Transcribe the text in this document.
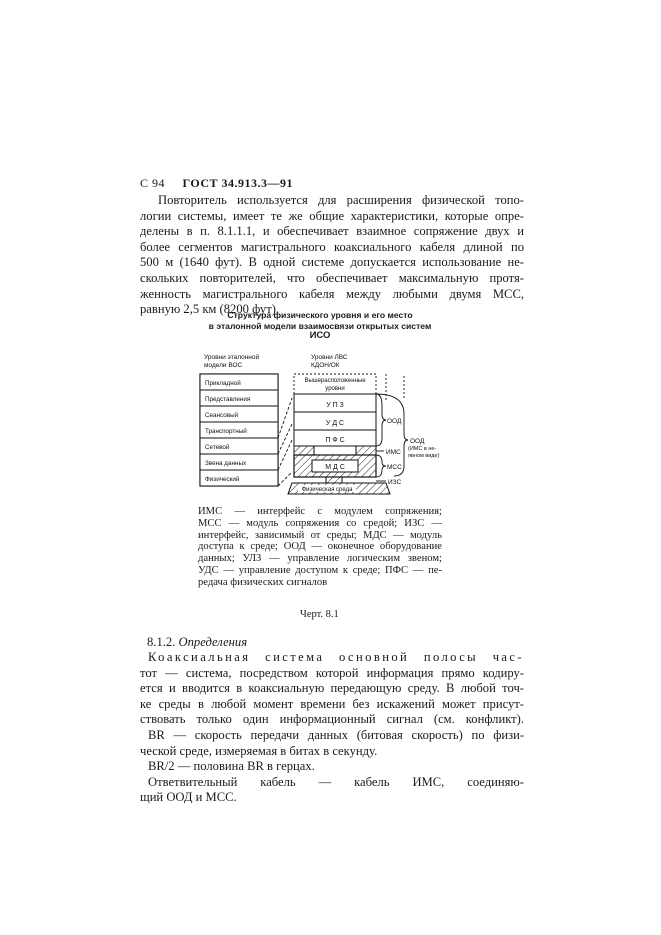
С 94 ГОСТ 34.913.3—91
Повторитель используется для расширения физической топо-
логии системы, имеет те же общие характеристики, которые опре-
делены в п. 8.1.1.1, и обеспечивает взаимное сопряжение двух и
более сегментов магистрального коаксиального кабеля длиной по
500 м (1640 фут). В одной системе допускается использование не-
скольких повторителей, что обеспечивает максимальную протя-
женность магистрального кабеля между любыми двумя МСС,
равную 2,5 км (8200 фут).
Структура физического уровня и его место
в эталонной модели взаимосвязи открытых систем
ИСО
Уровни эталонной
модели ВОС
Уровни ЛВС
КДОН/ОК
Прикладной
Представления
Сеансовый
Транспортный
Сетевой
Звена данных
Физический
Вышерасположенные
уровни
У П З
У Д С
П Ф С
М Д С
Физическая среда
ООД
ООД
(ИМС в не-
явном виде)
ИМС
МСС
ИЗС
ИМС — интерфейс с модулем сопряжения;
МСС — модуль сопряжения со средой; ИЗС —
интерфейс, зависимый от среды; МДС — модуль
доступа к среде; ООД — оконечное оборудование
данных; УЛЗ — управление логическим звеном;
УДС — управление доступом к среде; ПФС — пе-
редача физических сигналов
Черт. 8.1
8.1.2. Определения
Коаксиальная система основной полосы час-
тот — система, посредством которой информация прямо кодиру-
ется и вводится в коаксиальную передающую среду. В любой точ-
ке среды в любой момент времени без искажений может присут-
ствовать только один информационный сигнал (см. конфликт).
BR — скорость передачи данных (битовая скорость) по физи-
ческой среде, измеряемая в битах в секунду.
BR/2 — половина BR в герцах.
Ответвительный кабель — кабель ИМС, соединяю-
щий ООД и МСС.
